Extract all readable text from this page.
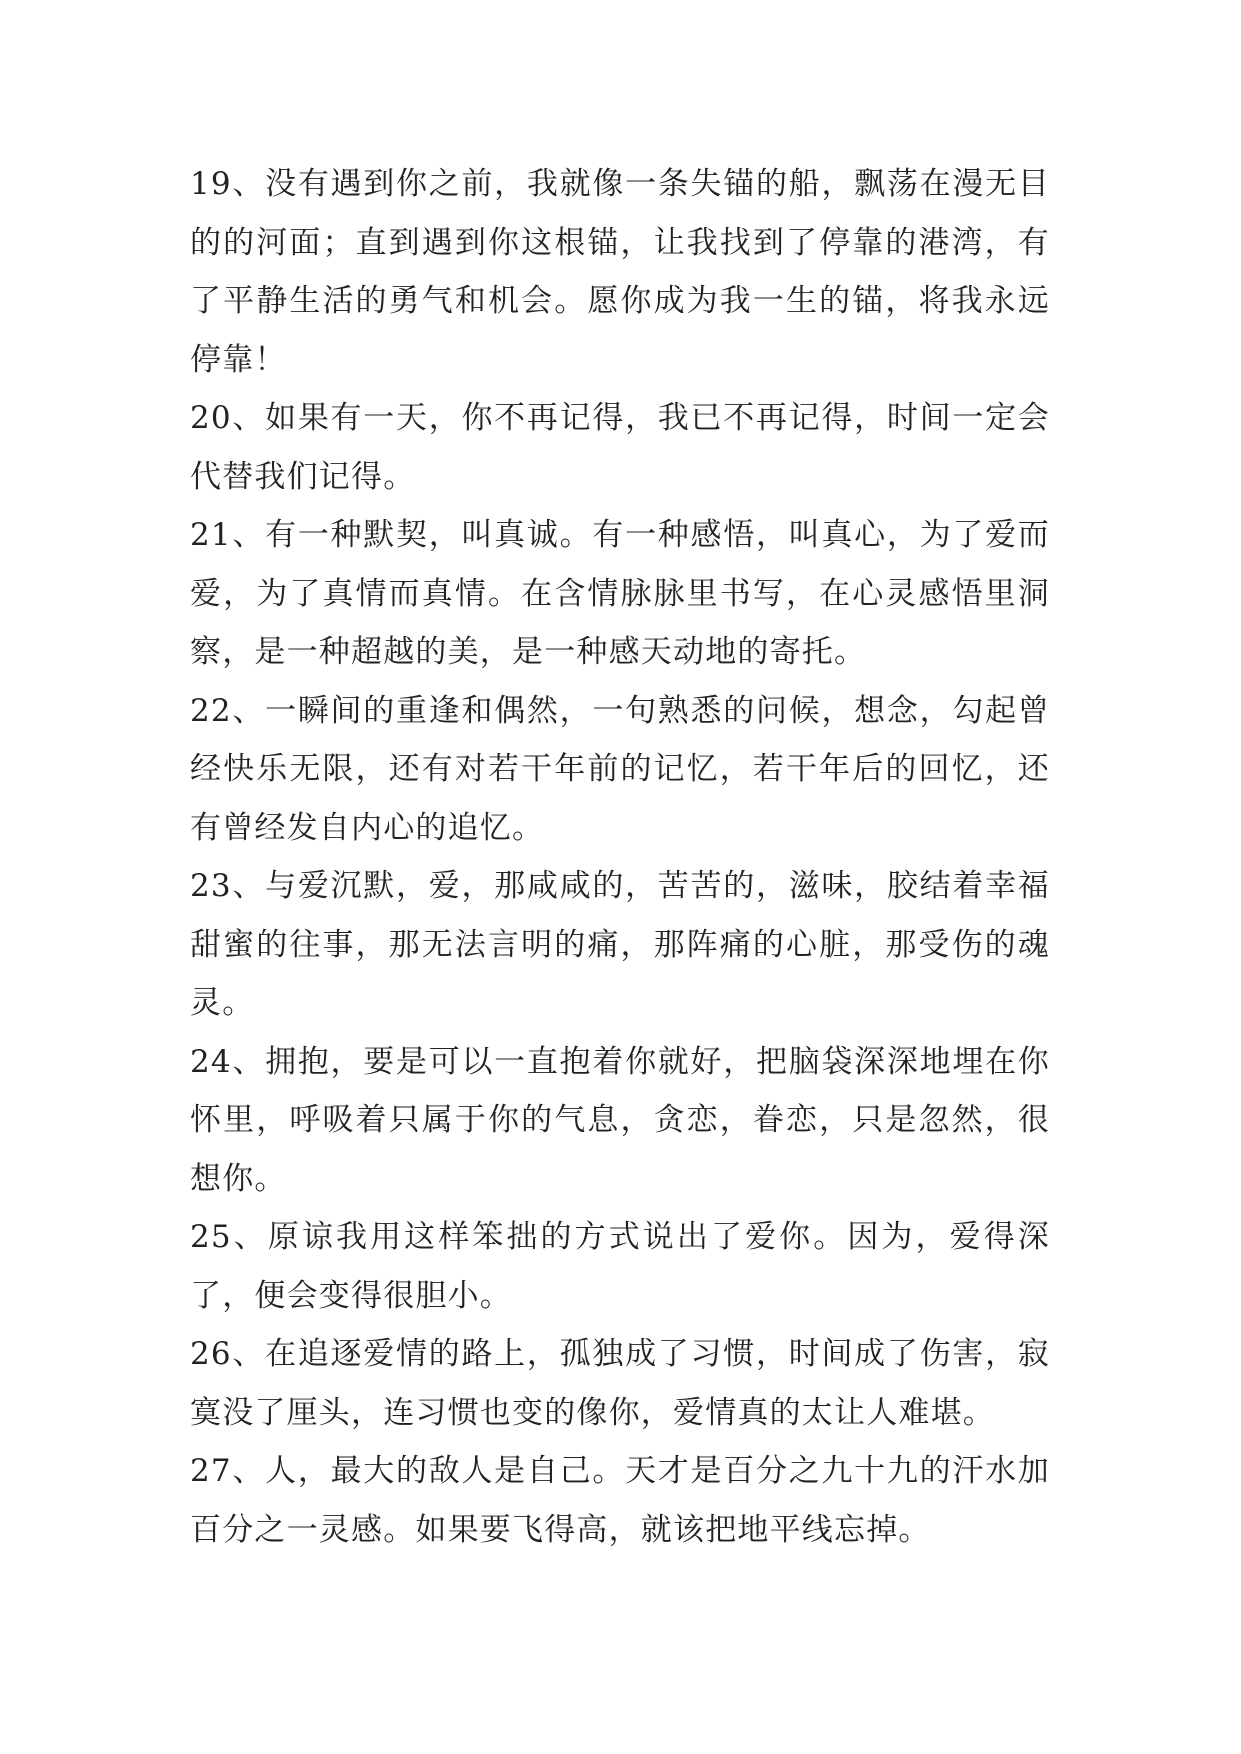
19、没有遇到你之前，我就像一条失锚的船，飘荡在漫无目的的河面；直到遇到你这根锚，让我找到了停靠的港湾，有了平静生活的勇气和机会。愿你成为我一生的锚，将我永远停靠！

20、如果有一天，你不再记得，我已不再记得，时间一定会代替我们记得。

21、有一种默契，叫真诚。有一种感悟，叫真心，为了爱而爱，为了真情而真情。在含情脉脉里书写，在心灵感悟里洞察，是一种超越的美，是一种感天动地的寄托。

22、一瞬间的重逢和偶然，一句熟悉的问候，想念，勾起曾经快乐无限，还有对若干年前的记忆，若干年后的回忆，还有曾经发自内心的追忆。

23、与爱沉默，爱，那咸咸的，苦苦的，滋味，胶结着幸福甜蜜的往事，那无法言明的痛，那阵痛的心脏，那受伤的魂灵。

24、拥抱，要是可以一直抱着你就好，把脑袋深深地埋在你怀里，呼吸着只属于你的气息，贪恋，眷恋，只是忽然，很想你。

25、原谅我用这样笨拙的方式说出了爱你。因为，爱得深了，便会变得很胆小。

26、在追逐爱情的路上，孤独成了习惯，时间成了伤害，寂寞没了厘头，连习惯也变的像你，爱情真的太让人难堪。

27、人，最大的敌人是自己。天才是百分之九十九的汗水加百分之一灵感。如果要飞得高，就该把地平线忘掉。
